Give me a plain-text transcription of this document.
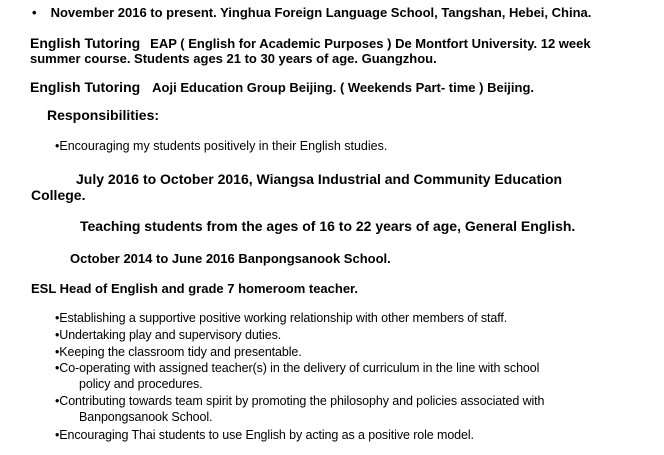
• November 2016 to present. Yinghua Foreign Language School, Tangshan, Hebei, China.
English Tutoring EAP ( English for Academic Purposes ) De Montfort University. 12 week
summer course. Students ages 21 to 30 years of age. Guangzhou.
English Tutoring Aoji Education Group Beijing. ( Weekends Part- time ) Beijing.
Responsibilities:
•Encouraging my students positively in their English studies.
July 2016 to October 2016, Wiangsa Industrial and Community Education
College.
Teaching students from the ages of 16 to 22 years of age, General English.
October 2014 to June 2016 Banpongsanook School.
ESL Head of English and grade 7 homeroom teacher.
•Establishing a supportive positive working relationship with other members of staff.
•Undertaking play and supervisory duties.
•Keeping the classroom tidy and presentable.
•Co-operating with assigned teacher(s) in the delivery of curriculum in the line with school
policy and procedures.
•Contributing towards team spirit by promoting the philosophy and policies associated with
Banpongsanook School.
•Encouraging Thai students to use English by acting as a positive role model.
